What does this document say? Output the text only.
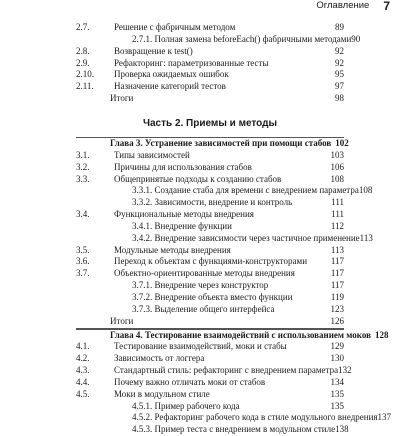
Оглавление 7
2.7.	Решение с фабричным методом	89
2.7.1. Полная замена beforeEach() фабричными методами 90
2.8.	Возвращение к test()	92
2.9.	Рефакторинг: параметризованные тесты	92
2.10.	Проверка ожидаемых ошибок	95
2.11.	Назначение категорий тестов	97
Итоги	98
Часть 2. Приемы и методы
Глава 3. Устранение зависимостей при помощи стабов 102
3.1.	Типы зависимостей	103
3.2.	Причины для использования стабов	106
3.3.	Общепринятые подходы к созданию стабов	108
3.3.1. Создание стаба для времени с внедрением параметра 108
3.3.2. Зависимости, внедрение и контроль	111
3.4.	Функциональные методы внедрения	111
3.4.1. Внедрение функции	112
3.4.2. Внедрение зависимости через частичное применение 113
3.5.	Модульные методы внедрения	113
3.6.	Переход к объектам с функциями-конструкторами	117
3.7.	Объектно-ориентированные методы внедрения	117
3.7.1. Внедрение через конструктор	117
3.7.2. Внедрение объекта вместо функции	119
3.7.3. Выделение общего интерфейса	123
Итоги	126
Глава 4. Тестирование взаимодействий с использованием моков 128
4.1.	Тестирование взаимодействий, моки и стабы	129
4.2.	Зависимость от логгера	130
4.3.	Стандартный стиль: рефакторинг с внедрением параметра 132
4.4.	Почему важно отличать моки от стабов	134
4.5.	Моки в модульном стиле	135
4.5.1. Пример рабочего кода	135
4.5.2. Рефакторинг рабочего кода в стиле модульного внедрения 137
4.5.3. Пример теста с внедрением в модульном стиле 138
